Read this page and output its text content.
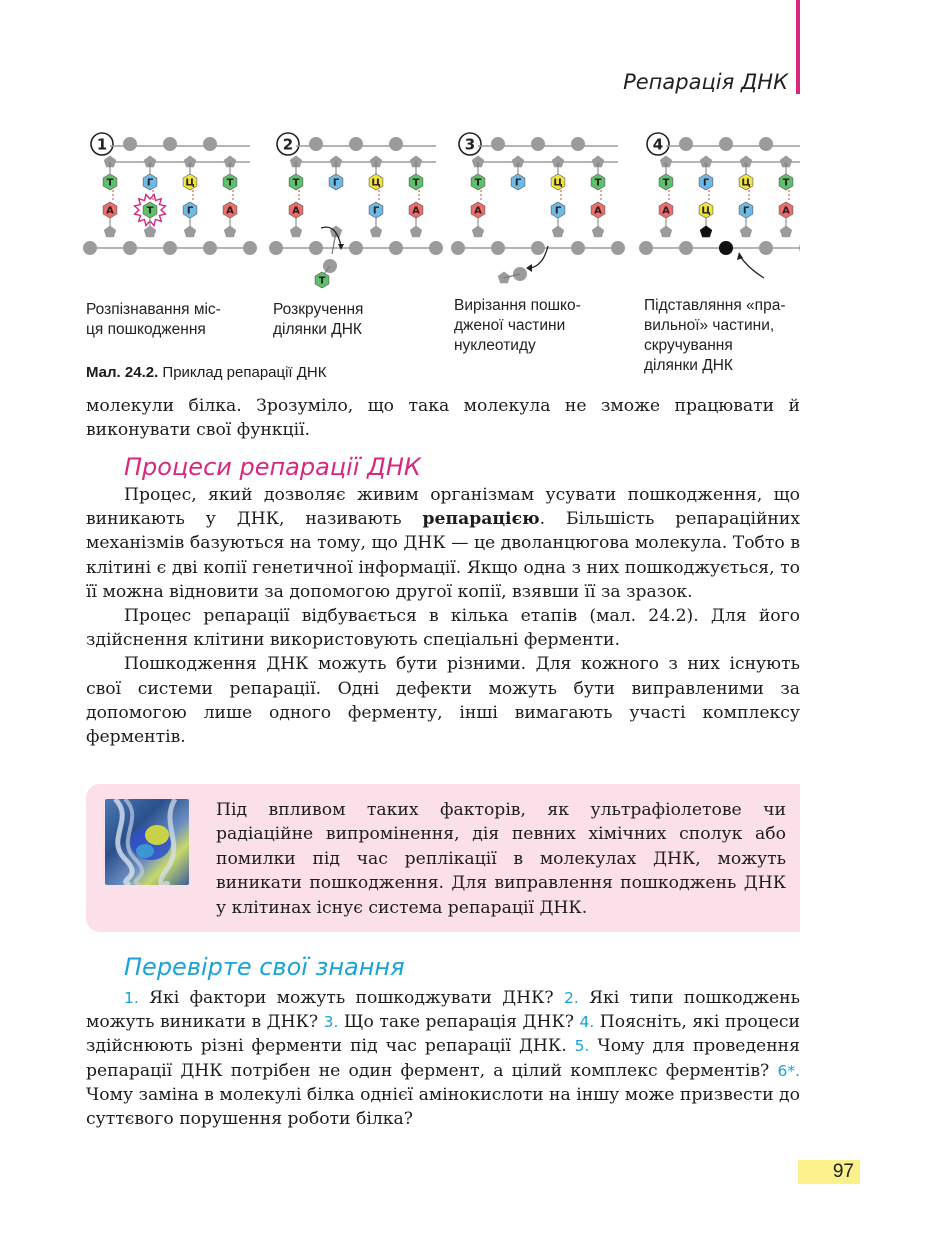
Репарація ДНК
1
Т	Г	Ц	Т
А	Т	Г	А
2
Т	Г	Ц	Т
А	Г	А
Т
3
Т	Г	Ц	Т
А	Г	А
4
Т	Г	Ц	Т
А	Ц	Г	А
Розпізнавання міс-
ця пошкодження
Розкручення
ділянки ДНК
Вирізання пошко-
дженої частини
нуклеотиду
Підставляння «пра-
вильної» частини,
скручування
ділянки ДНК
Мал. 24.2. Приклад репарації ДНК

молекули білка. Зрозуміло, що така молекула не зможе працювати й виконувати свої функції.

Процеси репарації ДНК

Процес, який дозволяє живим організмам усувати пошкодження, що виникають у ДНК, називають репарацією. Більшість репараційних механізмів базуються на тому, що ДНК — це дволанцюгова молекула. Тобто в клітині є дві копії генетичної інформації. Якщо одна з них пошкоджується, то її можна відновити за допомогою другої копії, взявши її за зразок.

Процес репарації відбувається в кілька етапів (мал. 24.2). Для його здійснення клітини використовують спеціальні ферменти.

Пошкодження ДНК можуть бути різними. Для кожного з них існують свої системи репарації. Одні дефекти можуть бути виправленими за допомогою лише одного ферменту, інші вимагають участі комплексу ферментів.

Під впливом таких факторів, як ультрафіолетове чи радіаційне випромінення, дія певних хімічних сполук або помилки під час реплікації в молекулах ДНК, можуть виникати пошкодження. Для виправлення пошкоджень ДНК у клітинах існує система репарації ДНК.
Перевірте свої знання

1. Які фактори можуть пошкоджувати ДНК? 2. Які типи пошкоджень можуть виникати в ДНК? 3. Що таке репарація ДНК? 4. Поясніть, які процеси здійснюють різні ферменти під час репарації ДНК. 5. Чому для проведення репарації ДНК потрібен не один фермент, а цілий комплекс ферментів? 6*. Чому заміна в молекулі білка однієї амінокислоти на іншу може призвести до суттєвого порушення роботи білка?

97
